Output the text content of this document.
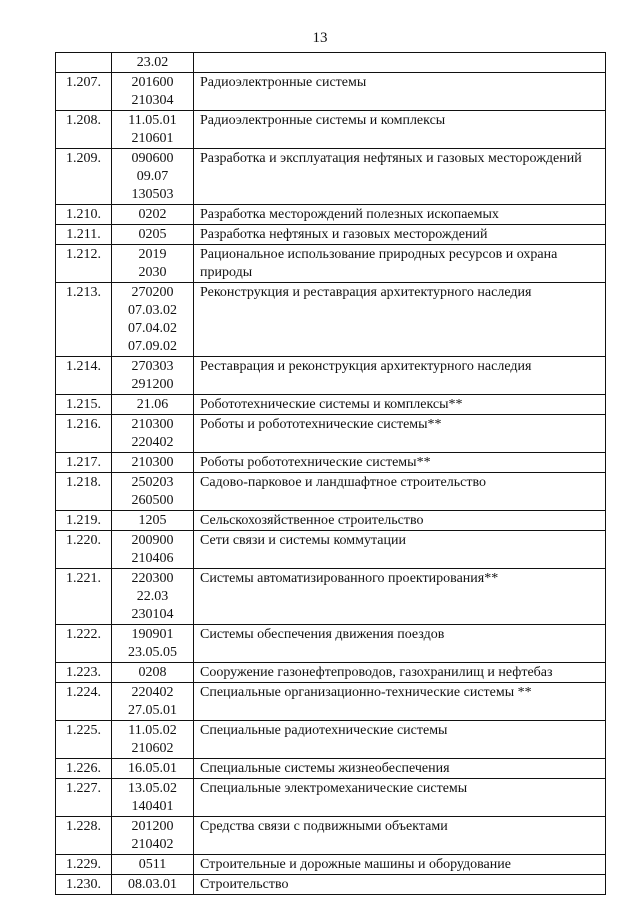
13

	23.02	

1.207.	201600
210304	Радиоэлектронные системы
1.208.	11.05.01
210601	Радиоэлектронные системы и комплексы
1.209.	090600
09.07
130503	Разработка и эксплуатация нефтяных и газовых месторождений
1.210.	0202	Разработка месторождений полезных ископаемых
1.211.	0205	Разработка нефтяных и газовых месторождений
1.212.	2019
2030	Рациональное использование природных ресурсов и охрана природы
1.213.	270200
07.03.02
07.04.02
07.09.02	Реконструкция и реставрация архитектурного наследия
1.214.	270303
291200	Реставрация и реконструкция архитектурного наследия
1.215.	21.06	Робототехнические системы и комплексы**
1.216.	210300
220402	Роботы и робототехнические системы**
1.217.	210300	Роботы робототехнические системы**
1.218.	250203
260500	Садово-парковое и ландшафтное строительство
1.219.	1205	Сельскохозяйственное строительство
1.220.	200900
210406	Сети связи и системы коммутации
1.221.	220300
22.03
230104	Системы автоматизированного проектирования**
1.222.	190901
23.05.05	Системы обеспечения движения поездов
1.223.	0208	Сооружение газонефтепроводов, газохранилищ и нефтебаз
1.224.	220402
27.05.01	Специальные организационно-технические системы **
1.225.	11.05.02
210602	Специальные радиотехнические системы
1.226.	16.05.01	Специальные системы жизнеобеспечения
1.227.	13.05.02
140401	Специальные электромеханические системы
1.228.	201200
210402	Средства связи с подвижными объектами
1.229.	0511	Строительные и дорожные машины и оборудование
1.230.	08.03.01	Строительство
